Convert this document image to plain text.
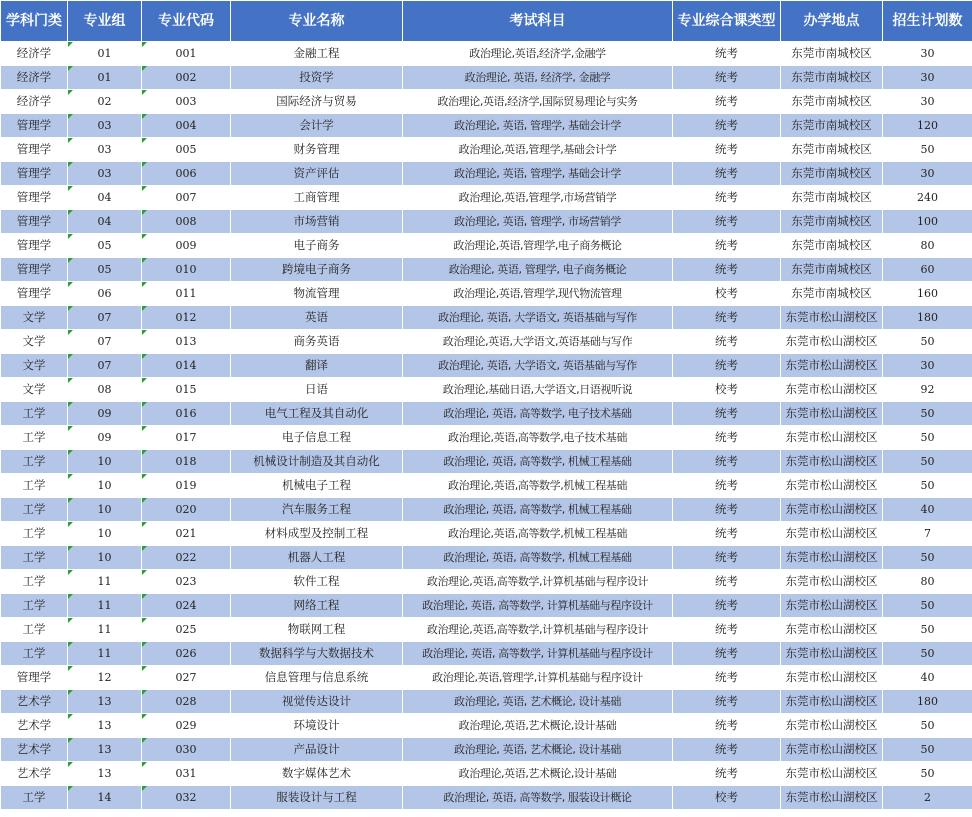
学科门类	专业组	专业代码	专业名称	考试科目	专业综合课类型	办学地点	招生计划数
经济学	01	001	金融工程	政治理论,英语,经济学,金融学	统考	东莞市南城校区	30
经济学	01	002	投资学	政治理论, 英语, 经济学, 金融学	统考	东莞市南城校区	30
经济学	02	003	国际经济与贸易	政治理论,英语,经济学,国际贸易理论与实务	统考	东莞市南城校区	30
管理学	03	004	会计学	政治理论, 英语, 管理学, 基础会计学	统考	东莞市南城校区	120
管理学	03	005	财务管理	政治理论,英语,管理学,基础会计学	统考	东莞市南城校区	50
管理学	03	006	资产评估	政治理论, 英语, 管理学, 基础会计学	统考	东莞市南城校区	30
管理学	04	007	工商管理	政治理论,英语,管理学,市场营销学	统考	东莞市南城校区	240
管理学	04	008	市场营销	政治理论, 英语, 管理学, 市场营销学	统考	东莞市南城校区	100
管理学	05	009	电子商务	政治理论,英语,管理学,电子商务概论	统考	东莞市南城校区	80
管理学	05	010	跨境电子商务	政治理论, 英语, 管理学, 电子商务概论	统考	东莞市南城校区	60
管理学	06	011	物流管理	政治理论,英语,管理学,现代物流管理	校考	东莞市南城校区	160
文学	07	012	英语	政治理论, 英语, 大学语文, 英语基础与写作	统考	东莞市松山湖校区	180
文学	07	013	商务英语	政治理论,英语,大学语文,英语基础与写作	统考	东莞市松山湖校区	50
文学	07	014	翻译	政治理论, 英语, 大学语文, 英语基础与写作	统考	东莞市松山湖校区	30
文学	08	015	日语	政治理论,基础日语,大学语文,日语视听说	校考	东莞市松山湖校区	92
工学	09	016	电气工程及其自动化	政治理论, 英语, 高等数学, 电子技术基础	统考	东莞市松山湖校区	50
工学	09	017	电子信息工程	政治理论,英语,高等数学,电子技术基础	统考	东莞市松山湖校区	50
工学	10	018	机械设计制造及其自动化	政治理论, 英语, 高等数学, 机械工程基础	统考	东莞市松山湖校区	50
工学	10	019	机械电子工程	政治理论,英语,高等数学,机械工程基础	统考	东莞市松山湖校区	50
工学	10	020	汽车服务工程	政治理论, 英语, 高等数学, 机械工程基础	统考	东莞市松山湖校区	40
工学	10	021	材料成型及控制工程	政治理论,英语,高等数学,机械工程基础	统考	东莞市松山湖校区	7
工学	10	022	机器人工程	政治理论, 英语, 高等数学, 机械工程基础	统考	东莞市松山湖校区	50
工学	11	023	软件工程	政治理论,英语,高等数学,计算机基础与程序设计	统考	东莞市松山湖校区	80
工学	11	024	网络工程	政治理论, 英语, 高等数学, 计算机基础与程序设计	统考	东莞市松山湖校区	50
工学	11	025	物联网工程	政治理论,英语,高等数学,计算机基础与程序设计	统考	东莞市松山湖校区	50
工学	11	026	数据科学与大数据技术	政治理论, 英语, 高等数学, 计算机基础与程序设计	统考	东莞市松山湖校区	50
管理学	12	027	信息管理与信息系统	政治理论,英语,管理学,计算机基础与程序设计	统考	东莞市松山湖校区	40
艺术学	13	028	视觉传达设计	政治理论, 英语, 艺术概论, 设计基础	统考	东莞市松山湖校区	180
艺术学	13	029	环境设计	政治理论,英语,艺术概论,设计基础	统考	东莞市松山湖校区	50
艺术学	13	030	产品设计	政治理论, 英语, 艺术概论, 设计基础	统考	东莞市松山湖校区	50
艺术学	13	031	数字媒体艺术	政治理论,英语,艺术概论,设计基础	统考	东莞市松山湖校区	50
工学	14	032	服装设计与工程	政治理论, 英语, 高等数学, 服装设计概论	校考	东莞市松山湖校区	2
